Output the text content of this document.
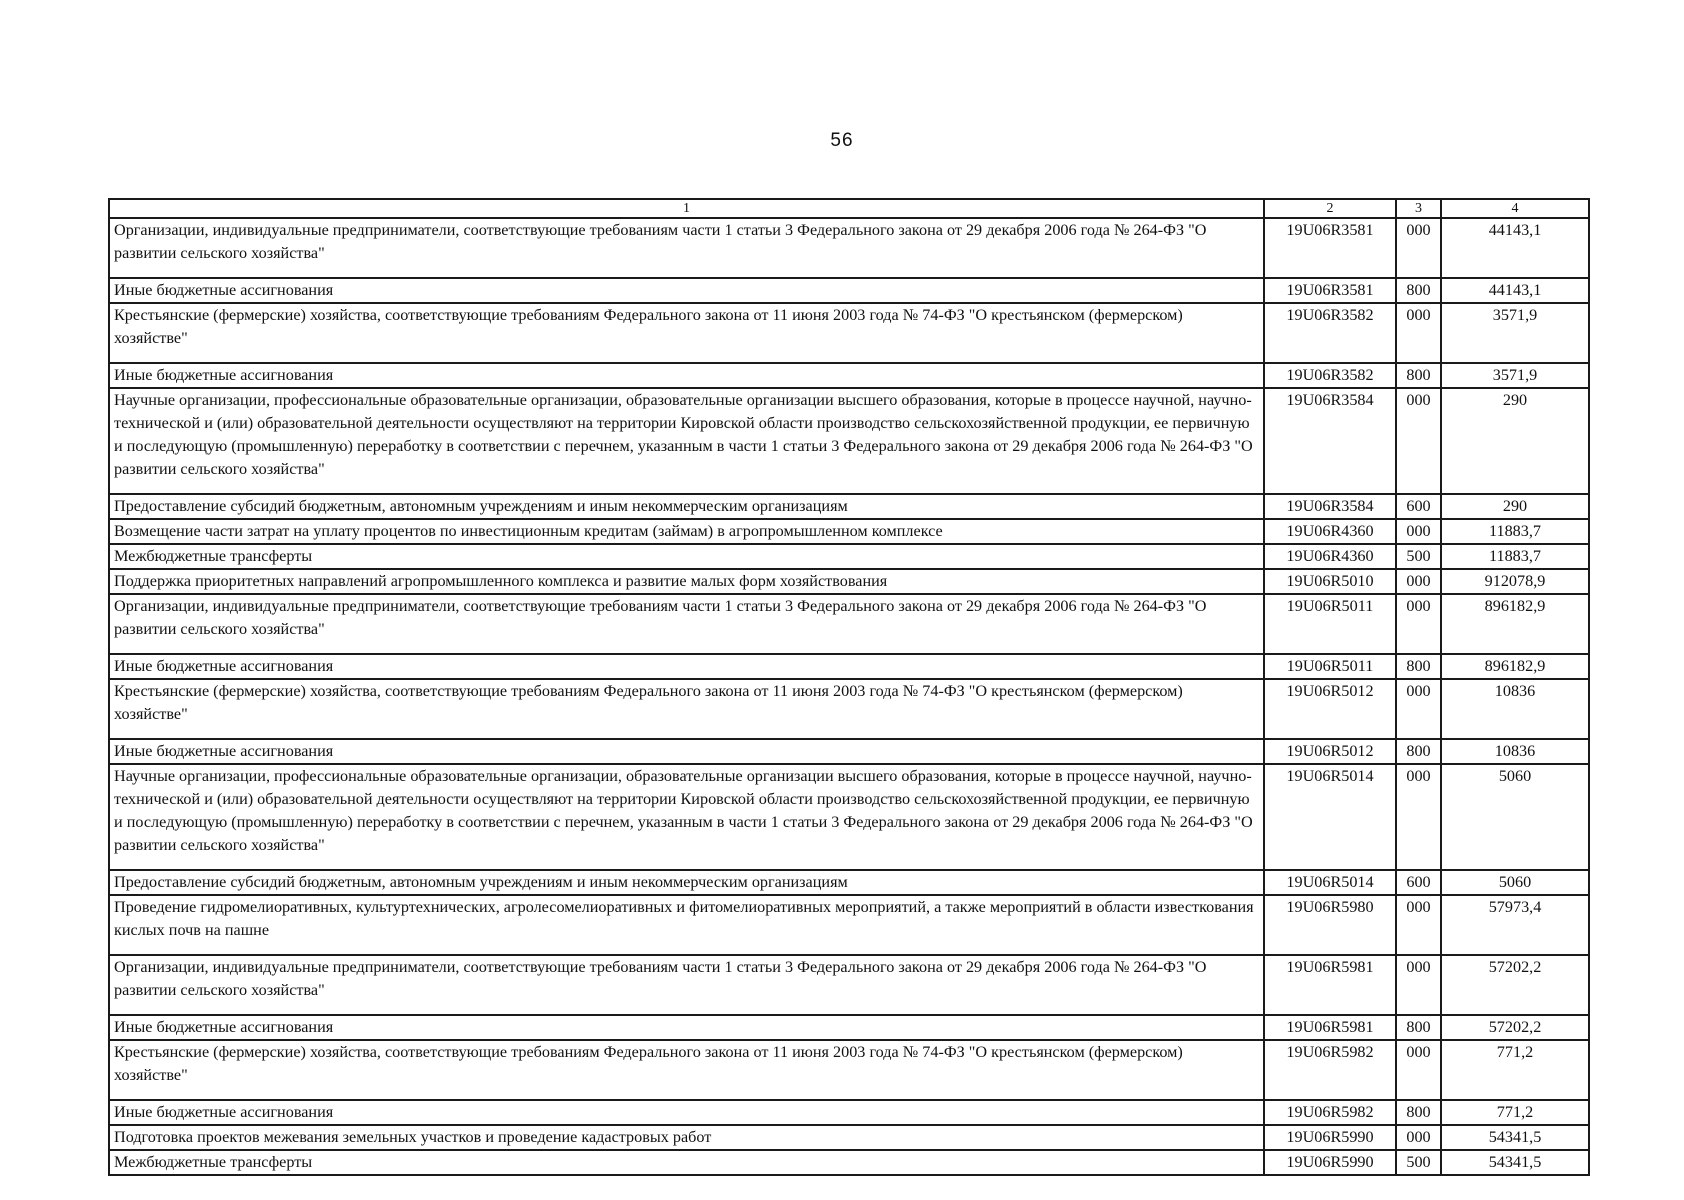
56
1	2	3	4
Организации, индивидуальные предприниматели, соответствующие требованиям части 1 статьи 3 Федерального закона от 29 декабря 2006 года № 264-ФЗ "О развитии сельского хозяйства"	19U06R3581	000	44143,1
Иные бюджетные ассигнования	19U06R3581	800	44143,1
Крестьянские (фермерские) хозяйства, соответствующие требованиям Федерального закона от 11 июня 2003 года № 74-ФЗ "О крестьянском (фермерском) хозяйстве"	19U06R3582	000	3571,9
Иные бюджетные ассигнования	19U06R3582	800	3571,9
Научные организации, профессиональные образовательные организации, образовательные организации высшего образования, которые в процессе научной, научно-технической и (или) образовательной деятельности осуществляют на территории Кировской области производство сельскохозяйственной продукции, ее первичную и последующую (промышленную) переработку в соответствии с перечнем, указанным в части 1 статьи 3 Федерального закона от 29 декабря 2006 года № 264-ФЗ "О развитии сельского хозяйства"	19U06R3584	000	290
Предоставление субсидий бюджетным, автономным учреждениям и иным некоммерческим организациям	19U06R3584	600	290
Возмещение части затрат на уплату процентов по инвестиционным кредитам (займам) в агропромышленном комплексе	19U06R4360	000	11883,7
Межбюджетные трансферты	19U06R4360	500	11883,7
Поддержка приоритетных направлений агропромышленного комплекса и развитие малых форм хозяйствования	19U06R5010	000	912078,9
Организации, индивидуальные предприниматели, соответствующие требованиям части 1 статьи 3 Федерального закона от 29 декабря 2006 года № 264-ФЗ "О развитии сельского хозяйства"	19U06R5011	000	896182,9
Иные бюджетные ассигнования	19U06R5011	800	896182,9
Крестьянские (фермерские) хозяйства, соответствующие требованиям Федерального закона от 11 июня 2003 года № 74-ФЗ "О крестьянском (фермерском) хозяйстве"	19U06R5012	000	10836
Иные бюджетные ассигнования	19U06R5012	800	10836
Научные организации, профессиональные образовательные организации, образовательные организации высшего образования, которые в процессе научной, научно-технической и (или) образовательной деятельности осуществляют на территории Кировской области производство сельскохозяйственной продукции, ее первичную и последующую (промышленную) переработку в соответствии с перечнем, указанным в части 1 статьи 3 Федерального закона от 29 декабря 2006 года № 264-ФЗ "О развитии сельского хозяйства"	19U06R5014	000	5060
Предоставление субсидий бюджетным, автономным учреждениям и иным некоммерческим организациям	19U06R5014	600	5060
Проведение гидромелиоративных, культуртехнических, агролесомелиоративных и фитомелиоративных мероприятий, а также мероприятий в области известкования кислых почв на пашне	19U06R5980	000	57973,4
Организации, индивидуальные предприниматели, соответствующие требованиям части 1 статьи 3 Федерального закона от 29 декабря 2006 года № 264-ФЗ "О развитии сельского хозяйства"	19U06R5981	000	57202,2
Иные бюджетные ассигнования	19U06R5981	800	57202,2
Крестьянские (фермерские) хозяйства, соответствующие требованиям Федерального закона от 11 июня 2003 года № 74-ФЗ "О крестьянском (фермерском) хозяйстве"	19U06R5982	000	771,2
Иные бюджетные ассигнования	19U06R5982	800	771,2
Подготовка проектов межевания земельных участков и проведение кадастровых работ	19U06R5990	000	54341,5
Межбюджетные трансферты	19U06R5990	500	54341,5
